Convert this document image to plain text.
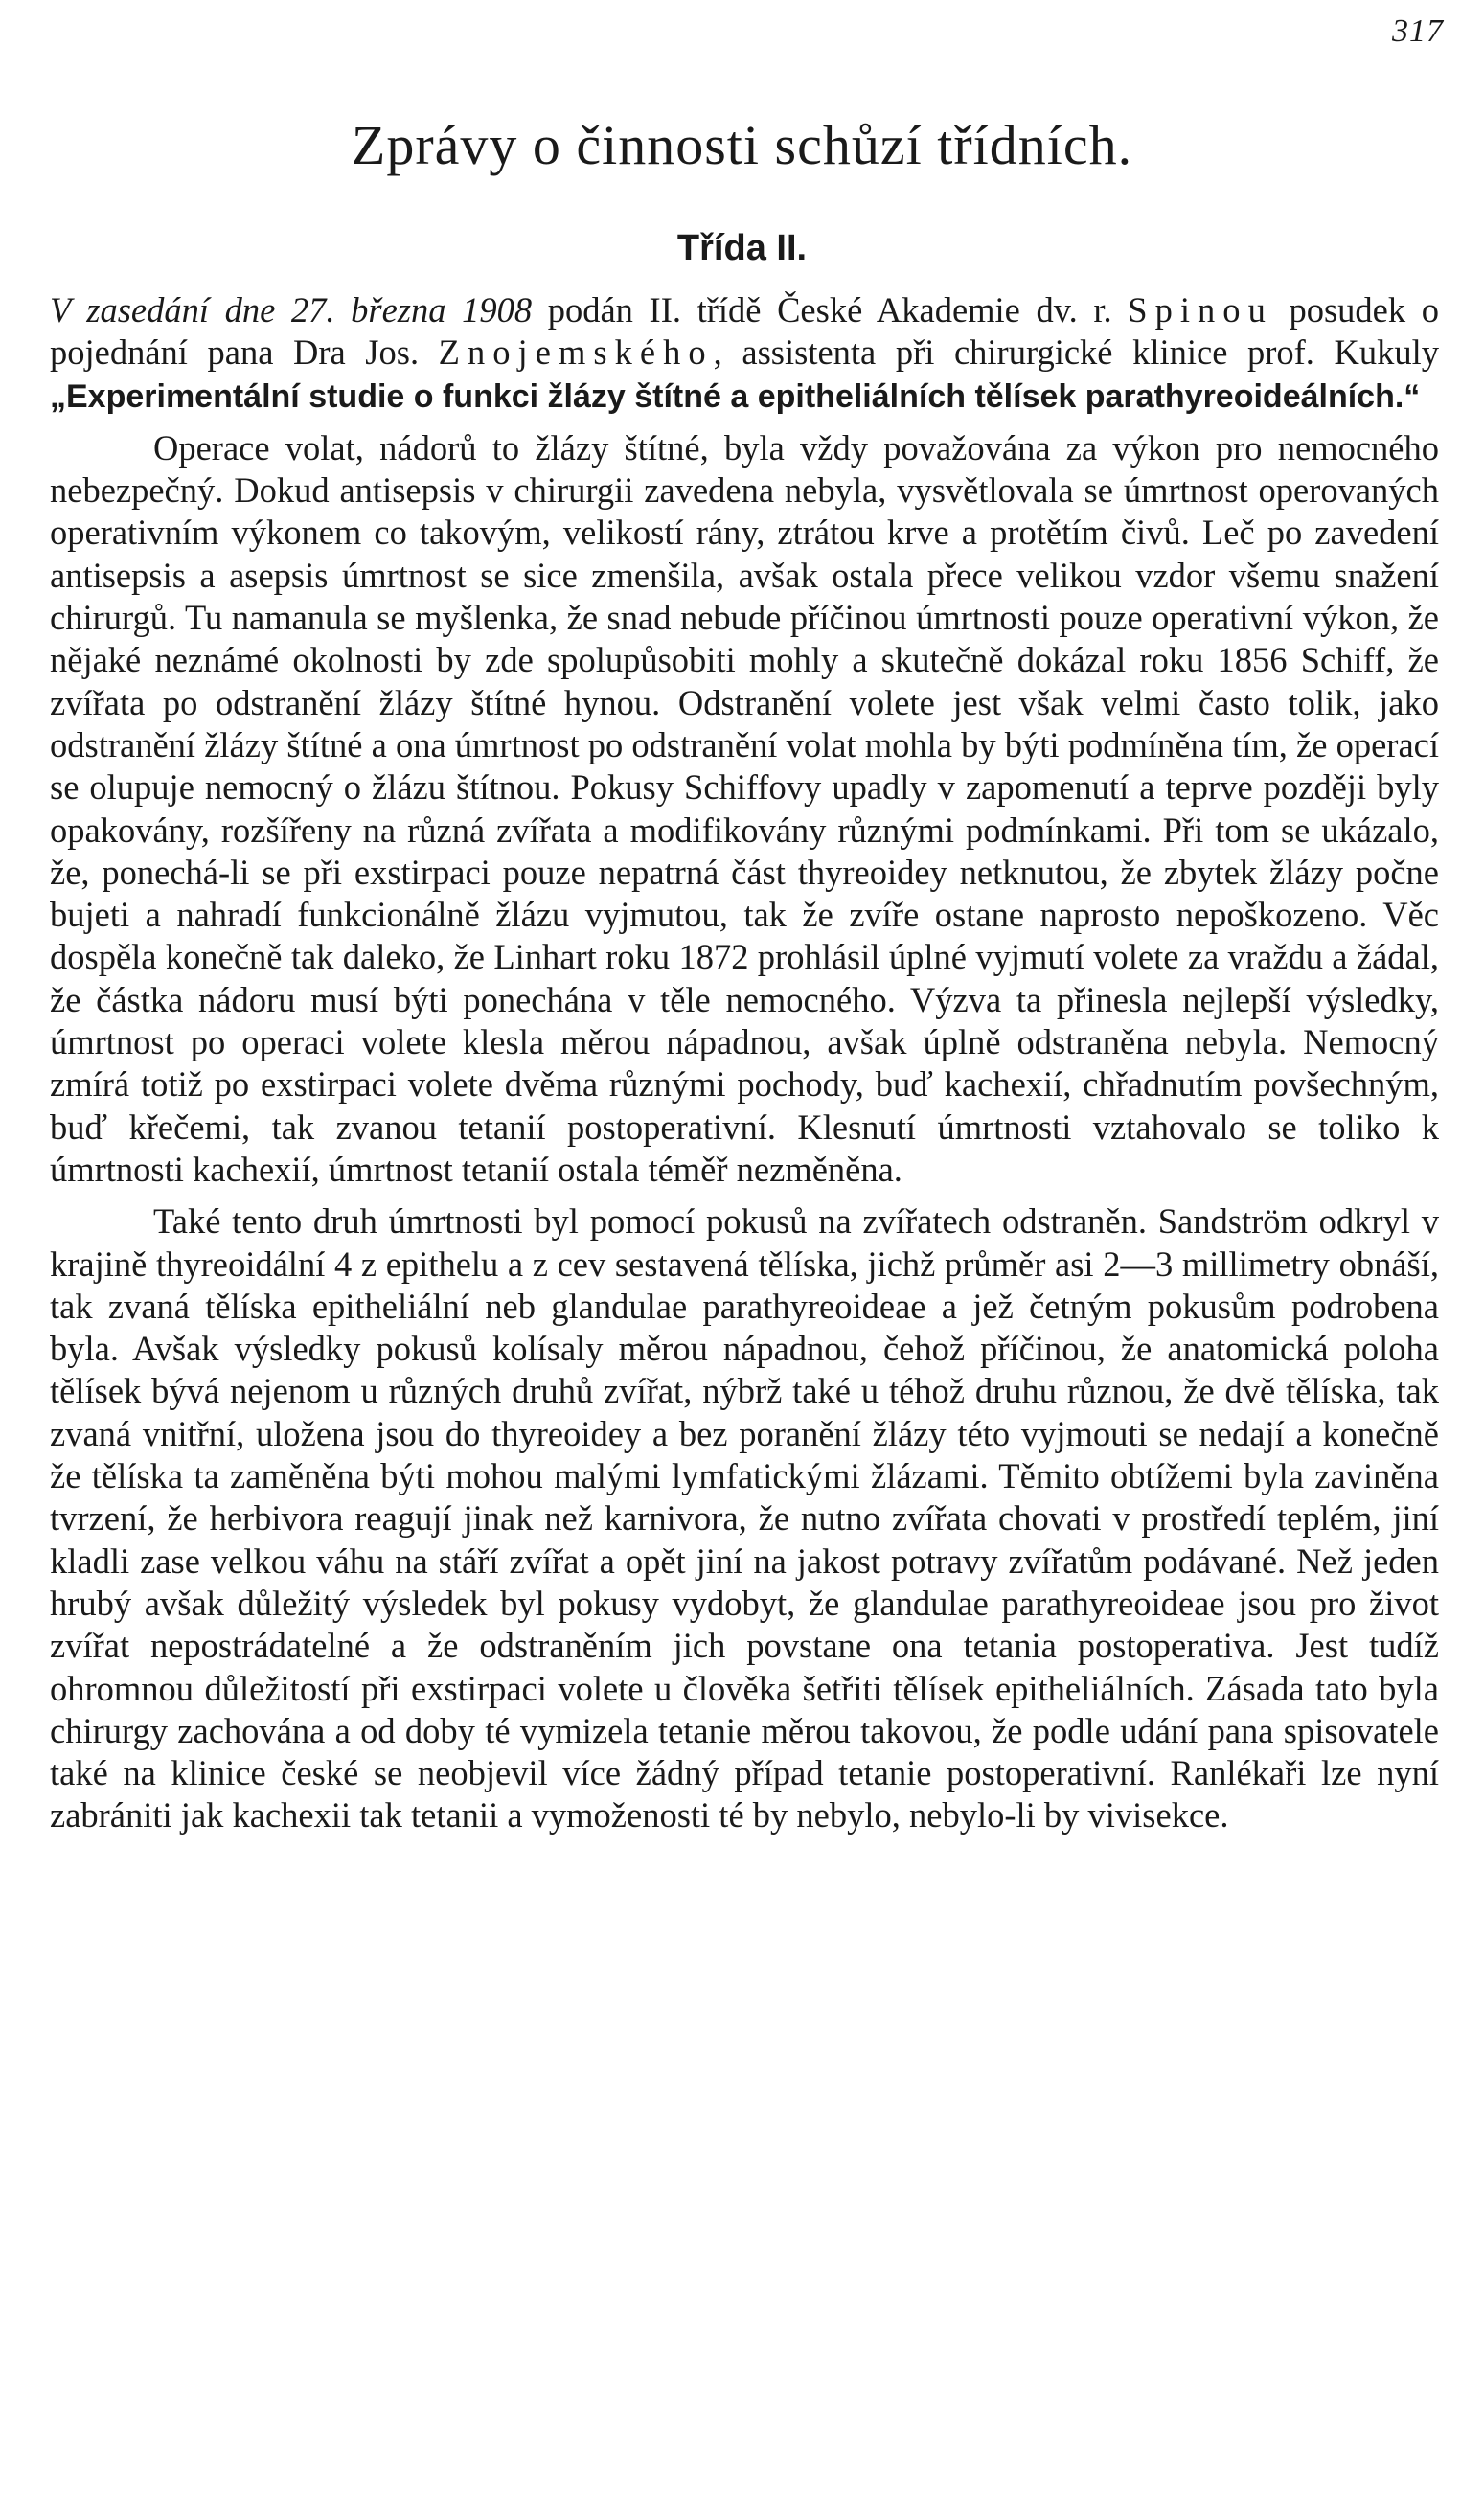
317
Zprávy o činnosti schůzí třídních.
Třída II.

V zasedání dne 27. března 1908 podán II. třídě České Akademie dv. r. Spinou posudek o pojednání pana Dra Jos. Znojemského, assistenta při chirurgické klinice prof. Kukuly „Experimentální studie o funkci žlázy štítné a epitheliálních tělísek parathyreoideálních.“

Operace volat, nádorů to žlázy štítné, byla vždy považována za výkon pro nemocného nebezpečný. Dokud antisepsis v chirurgii zavedena nebyla, vysvětlovala se úmrtnost operovaných operativním výkonem co takovým, velikostí rány, ztrátou krve a protětím čivů. Leč po zavedení antisepsis a asepsis úmrtnost se sice zmenšila, avšak ostala přece velikou vzdor všemu snažení chirurgů. Tu namanula se myšlenka, že snad nebude příčinou úmrtnosti pouze operativní výkon, že nějaké neznámé okolnosti by zde spolupůsobiti mohly a skutečně dokázal roku 1856 Schiff, že zvířata po odstranění žlázy štítné hynou. Odstranění volete jest však velmi často tolik, jako odstranění žlázy štítné a ona úmrtnost po odstranění volat mohla by býti podmíněna tím, že operací se olupuje nemocný o žlázu štítnou. Pokusy Schiffovy upadly v zapomenutí a teprve později byly opakovány, rozšířeny na různá zvířata a modifikovány různými podmínkami. Při tom se ukázalo, že, ponechá-li se při exstirpaci pouze nepatrná část thyreoidey netknutou, že zbytek žlázy počne bujeti a nahradí funkcionálně žlázu vyjmutou, tak že zvíře ostane naprosto nepoškozeno. Věc dospěla konečně tak daleko, že Linhart roku 1872 prohlásil úplné vyjmutí volete za vraždu a žádal, že částka nádoru musí býti ponechána v těle nemocného. Výzva ta přinesla nejlepší výsledky, úmrtnost po operaci volete klesla měrou nápadnou, avšak úplně odstraněna nebyla. Nemocný zmírá totiž po exstirpaci volete dvěma různými pochody, buď kachexií, chřadnutím povšechným, buď křečemi, tak zvanou tetanií postoperativní. Klesnutí úmrtnosti vztahovalo se toliko k úmrtnosti kachexií, úmrtnost tetanií ostala téměř nezměněna.

Také tento druh úmrtnosti byl pomocí pokusů na zvířatech odstraněn. Sandström odkryl v krajině thyreoidální 4 z epithelu a z cev sestavená tělíska, jichž průměr asi 2—3 millimetry obnáší, tak zvaná tělíska epitheliální neb glandulae parathyreoideae a jež četným pokusům podrobena byla. Avšak výsledky pokusů kolísaly měrou nápadnou, čehož příčinou, že anatomická poloha tělísek bývá nejenom u různých druhů zvířat, nýbrž také u téhož druhu různou, že dvě tělíska, tak zvaná vnitřní, uložena jsou do thyreoidey a bez poranění žlázy této vyjmouti se nedají a konečně že tělíska ta zaměněna býti mohou malými lymfatickými žlázami. Těmito obtížemi byla zaviněna tvrzení, že herbivora reagují jinak než karnivora, že nutno zvířata chovati v prostředí teplém, jiní kladli zase velkou váhu na stáří zvířat a opět jiní na jakost potravy zvířatům podávané. Než jeden hrubý avšak důležitý výsledek byl pokusy vydobyt, že glandulae parathyreoideae jsou pro život zvířat nepostrádatelné a že odstraněním jich povstane ona tetania postoperativa. Jest tudíž ohromnou důležitostí při exstirpaci volete u člověka šetřiti tělísek epitheliálních. Zásada tato byla chirurgy zachována a od doby té vymizela tetanie měrou takovou, že podle udání pana spisovatele také na klinice české se neobjevil více žádný případ tetanie postoperativní. Ranlékaři lze nyní zabrániti jak kachexii tak tetanii a vymoženosti té by nebylo, nebylo-li by vivisekce.
